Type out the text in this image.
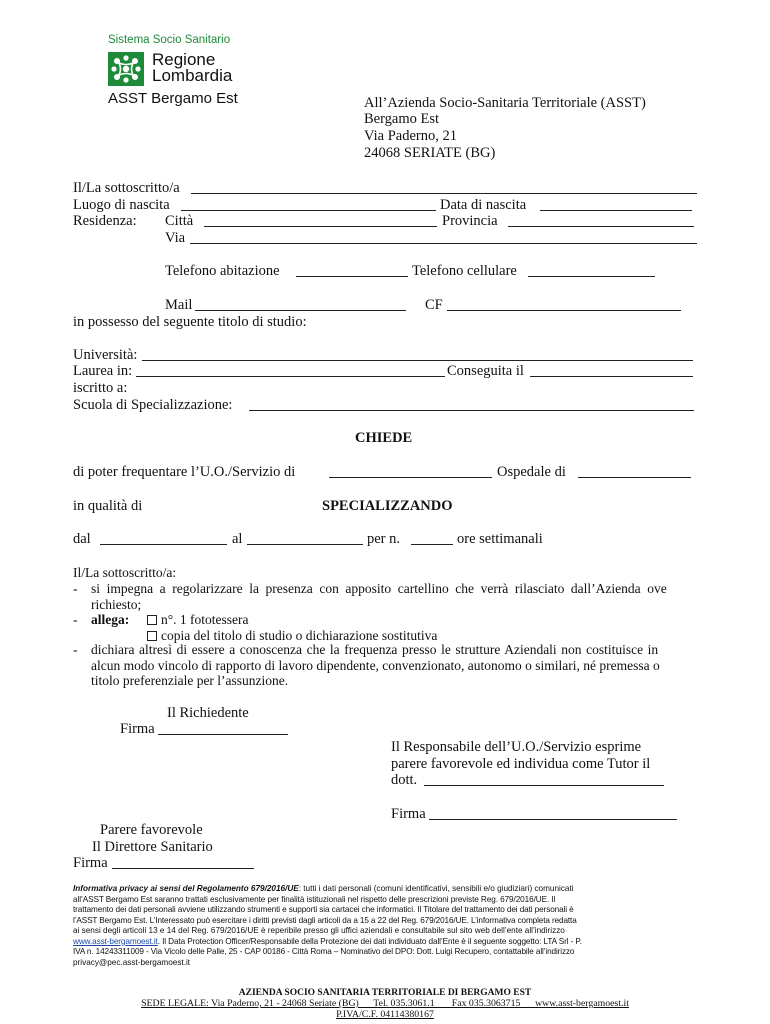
Sistema Socio Sanitario
Regione
Lombardia
ASST Bergamo Est	All’Azienda Socio-Sanitaria Territoriale (ASST)
Bergamo Est
Via Paderno, 21
24068 SERIATE (BG)
Il/La sottoscritto/a
Luogo di nascita	Data di nascita
Residenza: Città	Provincia
Via
Telefono abitazione	Telefono cellulare
Mail	CF
in possesso del seguente titolo di studio:
Università:
Laurea in:	Conseguita il
iscritto a:
Scuola di Specializzazione:
CHIEDE
di poter frequentare l’U.O./Servizio di	Ospedale di
in qualità di	SPECIALIZZANDO
dal	al	per n.	ore settimanali
Il/La sottoscritto/a:
- si impegna a regolarizzare la presenza con apposito cartellino che verrà rilasciato dall’Azienda ove
richiesto;
- allega:	n°. 1 fototessera
copia del titolo di studio o dichiarazione sostitutiva
- dichiara altresì di essere a conoscenza che la frequenza presso le strutture Aziendali non costituisce in
alcun modo vincolo di rapporto di lavoro dipendente, convenzionato, autonomo o similari, né premessa o
titolo preferenziale per l’assunzione.
Il Richiedente
Firma
Il Responsabile dell’U.O./Servizio esprime
parere favorevole ed individua come Tutor il
dott.
Firma
Parere favorevole
Il Direttore Sanitario
Firma
Informativa privacy ai sensi del Regolamento 679/2016/UE: tutti i dati personali (comuni identificativi, sensibili e/o giudiziari) comunicati
all’ASST Bergamo Est saranno trattati esclusivamente per finalità istituzionali nel rispetto delle prescrizioni previste Reg. 679/2016/UE. Il
trattamento dei dati personali avviene utilizzando strumenti e supporti sia cartacei che informatici. Il Titolare del trattamento dei dati personali è
l’ASST Bergamo Est. L’Interessato può esercitare i diritti previsti dagli articoli da a 15 a 22 del Reg. 679/2016/UE. L’informativa completa redatta
ai sensi degli articoli 13 e 14 del Reg. 679/2016/UE è reperibile presso gli uffici aziendali e consultabile sul sito web dell’ente all’indirizzo
www.asst-bergamoest.it. Il Data Protection Officer/Responsabile della Protezione dei dati individuato dall’Ente è il seguente soggetto: LTA Srl - P.
IVA n. 14243311009 - Via Vicolo delle Palle, 25 - CAP 00186 - Città Roma – Nominativo del DPO: Dott. Luigi Recupero, contattabile all’indirizzo
privacy@pec.asst-bergamoest.it
AZIENDA SOCIO SANITARIA TERRITORIALE DI BERGAMO EST
SEDE LEGALE: Via Paderno, 21 - 24068 Seriate (BG)      Tel. 035.3061.1       Fax 035.3063715      www.asst-bergamoest.it
P.IVA/C.F. 04114380167
